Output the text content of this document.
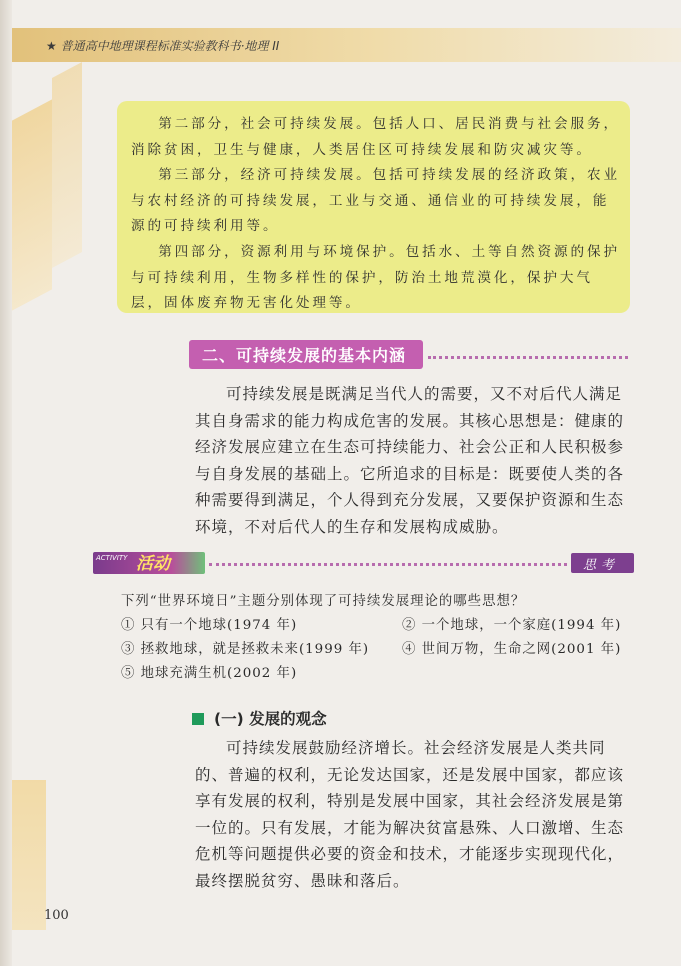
★ 普通高中地理课程标准实验教科书·地理 II

第二部分，社会可持续发展。包括人口、居民消费与社会服务，消除贫困，卫生与健康，人类居住区可持续发展和防灾减灾等。

第三部分，经济可持续发展。包括可持续发展的经济政策，农业与农村经济的可持续发展，工业与交通、通信业的可持续发展，能源的可持续利用等。

第四部分，资源利用与环境保护。包括水、土等自然资源的保护与可持续利用，生物多样性的保护，防治土地荒漠化，保护大气层，固体废弃物无害化处理等。

二、可持续发展的基本内涵

可持续发展是既满足当代人的需要，又不对后代人满足其自身需求的能力构成危害的发展。其核心思想是：健康的经济发展应建立在生态可持续能力、社会公正和人民积极参与自身发展的基础上。它所追求的目标是：既要使人类的各种需要得到满足，个人得到充分发展，又要保护资源和生态环境，不对后代人的生存和发展构成威胁。

ACTIVITY 活动	思考
下列“世界环境日”主题分别体现了可持续发展理论的哪些思想？
① 只有一个地球(1974 年)	② 一个地球，一个家庭(1994 年)
③ 拯救地球，就是拯救未来(1999 年) ④ 世间万物，生命之网(2001 年)
⑤ 地球充满生机(2002 年)
(一) 发展的观念

可持续发展鼓励经济增长。社会经济发展是人类共同的、普遍的权利，无论发达国家，还是发展中国家，都应该享有发展的权利，特别是发展中国家，其社会经济发展是第一位的。只有发展，才能为解决贫富悬殊、人口激增、生态危机等问题提供必要的资金和技术，才能逐步实现现代化，最终摆脱贫穷、愚昧和落后。

100
